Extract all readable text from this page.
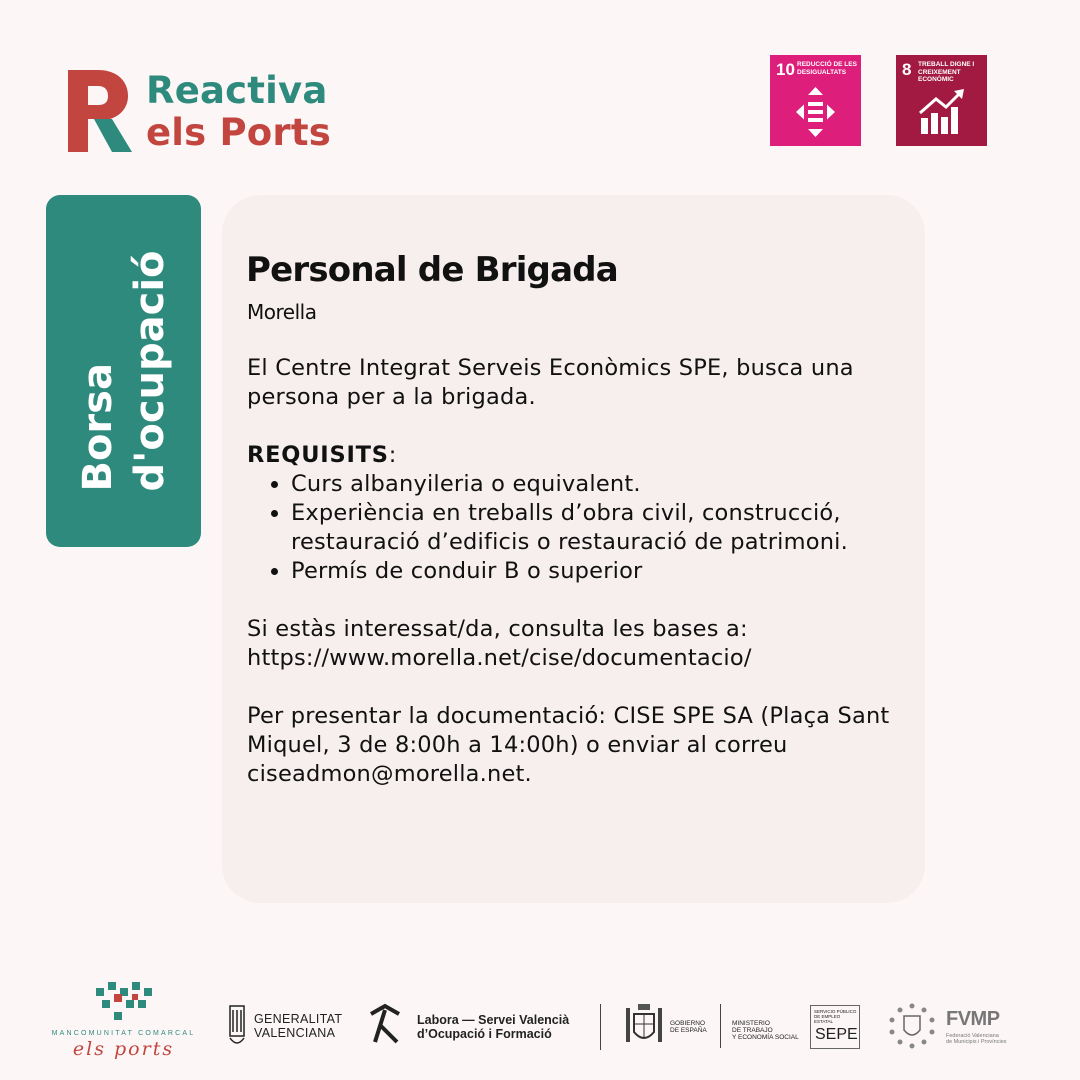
Reactiva
els Ports
10 REDUCCIÓ DE LES DESIGUALTATS	8 TREBALL DIGNE I CREIXEMENT ECONÒMIC
Borsa d'ocupació Personal de Brigada
Morella

El Centre Integrat Serveis Econòmics SPE, busca una persona per a la brigada.

REQUISITS:

• Curs albanyileria o equivalent.
• Experiència en treballs d’obra civil, construcció, restauració d’edificis o restauració de patrimoni.
• Permís de conduir B o superior

Si estàs interessat/da, consulta les bases a:

https://www.morella.net/cise/documentacio/

Per presentar la documentació: CISE SPE SA (Plaça Sant Miquel, 3 de 8:00h a 14:00h) o enviar al correu ciseadmon@morella.net.

MANCOMUNITAT COMARCAL
els ports
GENERALITAT
VALENCIANA
Labora — Servei Valencià
d’Ocupació i Formació
GOBIERNO
DE ESPAÑA
MINISTERIO
DE TRABAJO
Y ECONOMÍA SOCIAL
SERVICIO PÚBLICO
DE EMPLEO ESTATAL
SEPE
FVMP
Federació Valenciana
de Municipis i Províncies
